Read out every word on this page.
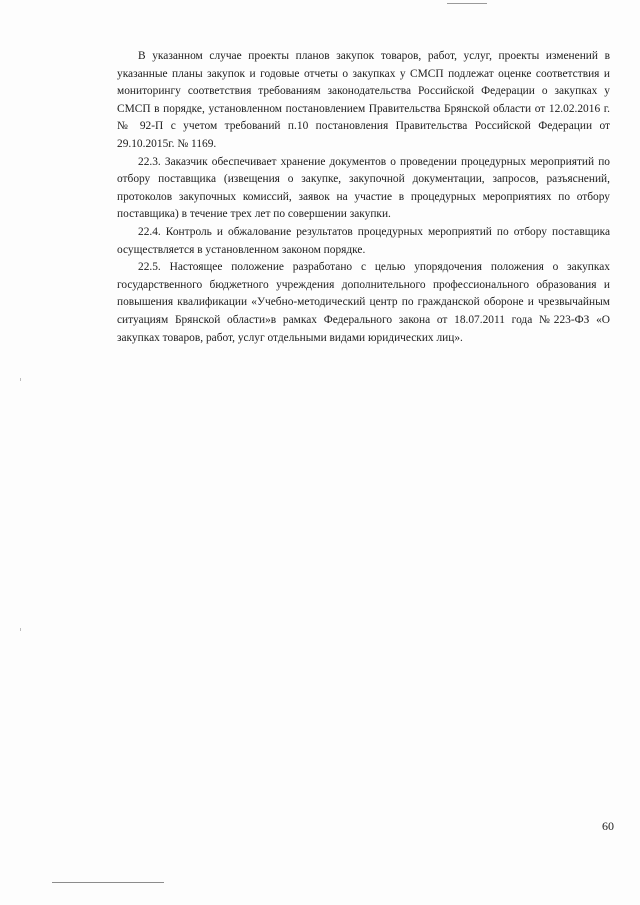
В указанном случае проекты планов закупок товаров, работ, услуг, проекты изменений в указанные планы закупок и годовые отчеты о закупках у СМСП подлежат оценке соответствия и мониторингу соответствия требованиям законодательства Российской Федерации о закупках у СМСП в порядке, установленном постановлением Правительства Брянской области от 12.02.2016 г. № 92-П с учетом требований п.10 постановления Правительства Российской Федерации от 29.10.2015г. № 1169.

22.3. Заказчик обеспечивает хранение документов о проведении процедурных мероприятий по отбору поставщика (извещения о закупке, закупочной документации, запросов, разъяснений, протоколов закупочных комиссий, заявок на участие в процедурных мероприятиях по отбору поставщика) в течение трех лет по совершении закупки.

22.4. Контроль и обжалование результатов процедурных мероприятий по отбору поставщика осуществляется в установленном законом порядке.

22.5. Настоящее положение разработано с целью упорядочения положения о закупках государственного бюджетного учреждения дополнительного профессионального образования и повышения квалификации «Учебно-методический центр по гражданской обороне и чрезвычайным ситуациям Брянской области»в рамках Федерального закона от 18.07.2011 года №223-ФЗ «О закупках товаров, работ, услуг отдельными видами юридических лиц».

60
